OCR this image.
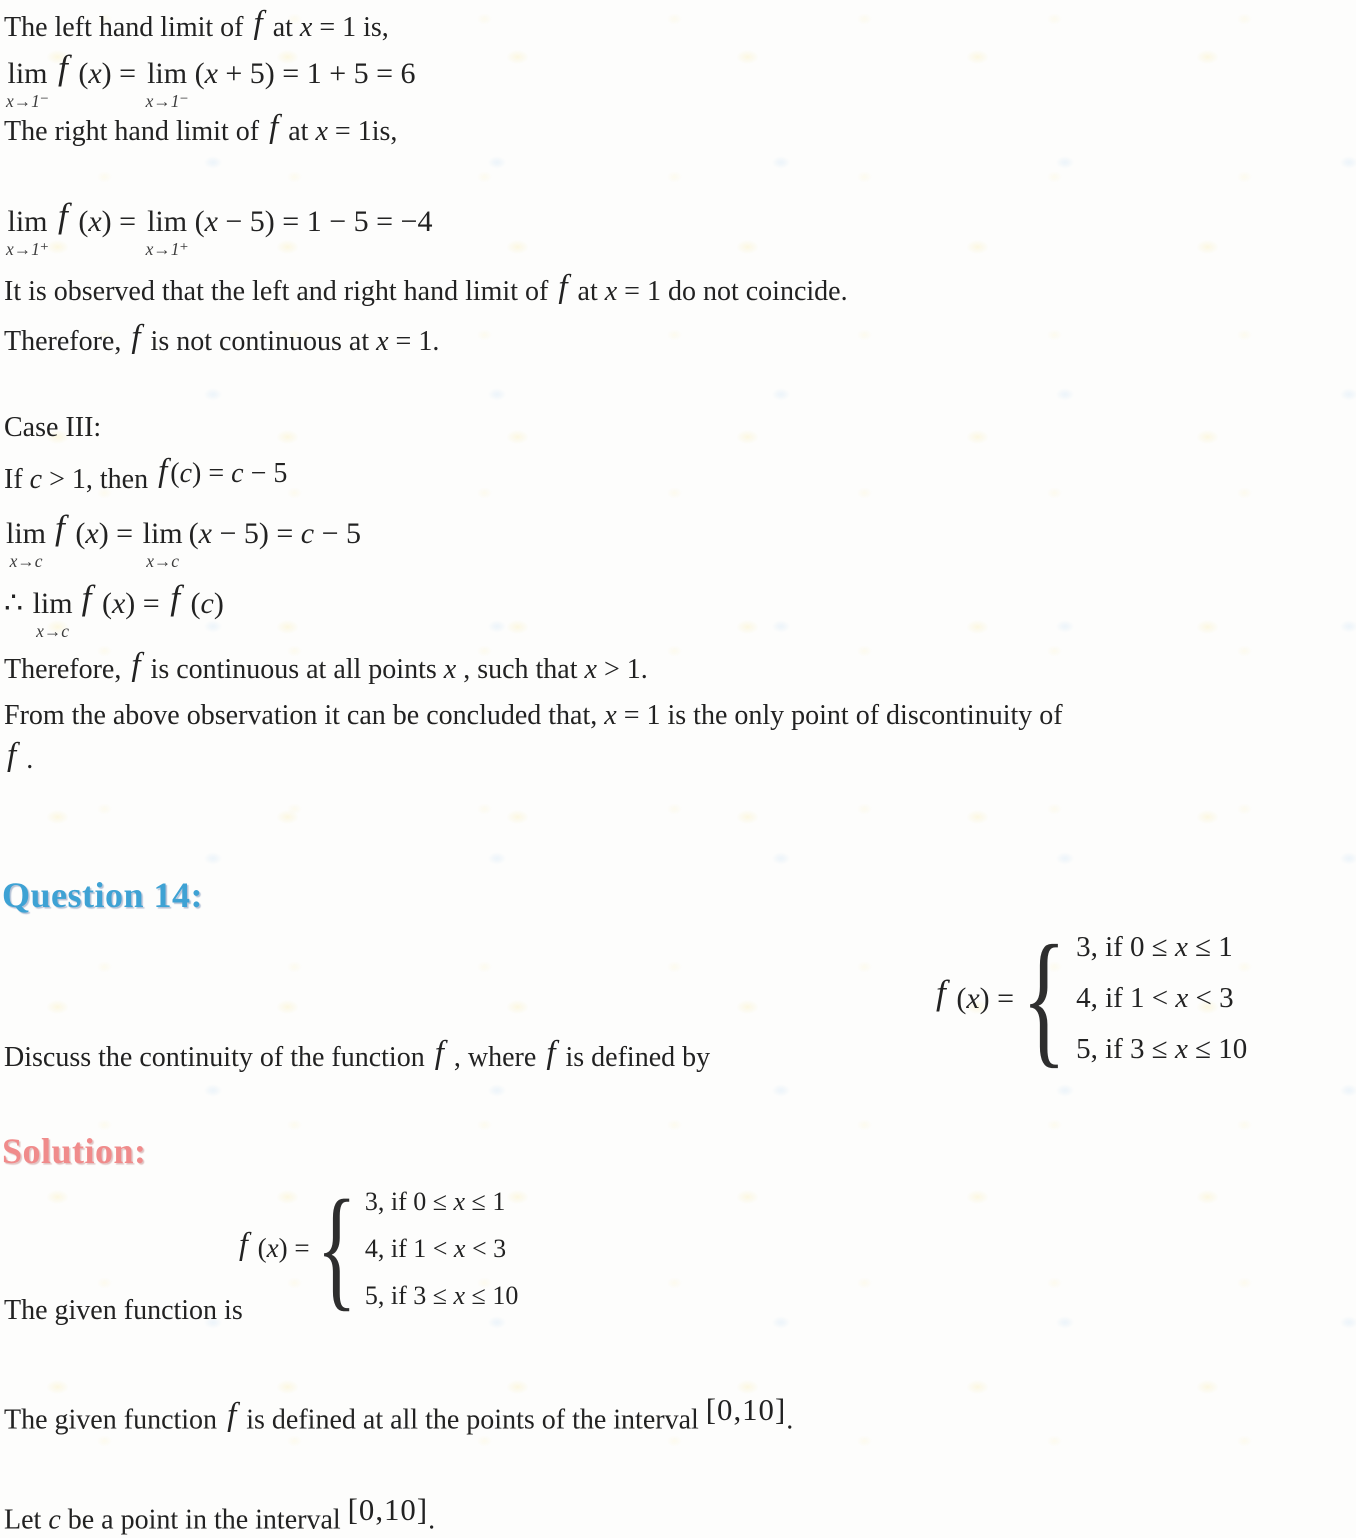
The left hand limit of f at x = 1 is,
lim
x→1⁻
f (x) = lim
x→1⁻
(x + 5) = 1 + 5 = 6
The right hand limit of f at x = 1is,
lim
x→1⁺
f (x) = lim
x→1⁺
(x − 5) = 1 − 5 = −4
It is observed that the left and right hand limit of f at x = 1 do not coincide.
Therefore, f is not continuous at x = 1.
Case III:
If c > 1, then f (c) = c − 5
lim
x→c
f (x) = lim
x→c
(x − 5) = c − 5
∴ lim
x→c
f (x) = f (c)
Therefore, f is continuous at all points x , such that x > 1.
From the above observation it can be concluded that, x = 1 is the only point of discontinuity of
f .
Question 14:
f (x) = { 3, if 0 ≤ x ≤ 1
4, if 1 < x < 3
5, if 3 ≤ x ≤ 10
Discuss the continuity of the function f , where f is defined by
Solution:
f (x) = { 3, if 0 ≤ x ≤ 1
4, if 1 < x < 3
5, if 3 ≤ x ≤ 10
The given function is
The given function f is defined at all the points of the interval [0,10].
Let c be a point in the interval [0,10].
